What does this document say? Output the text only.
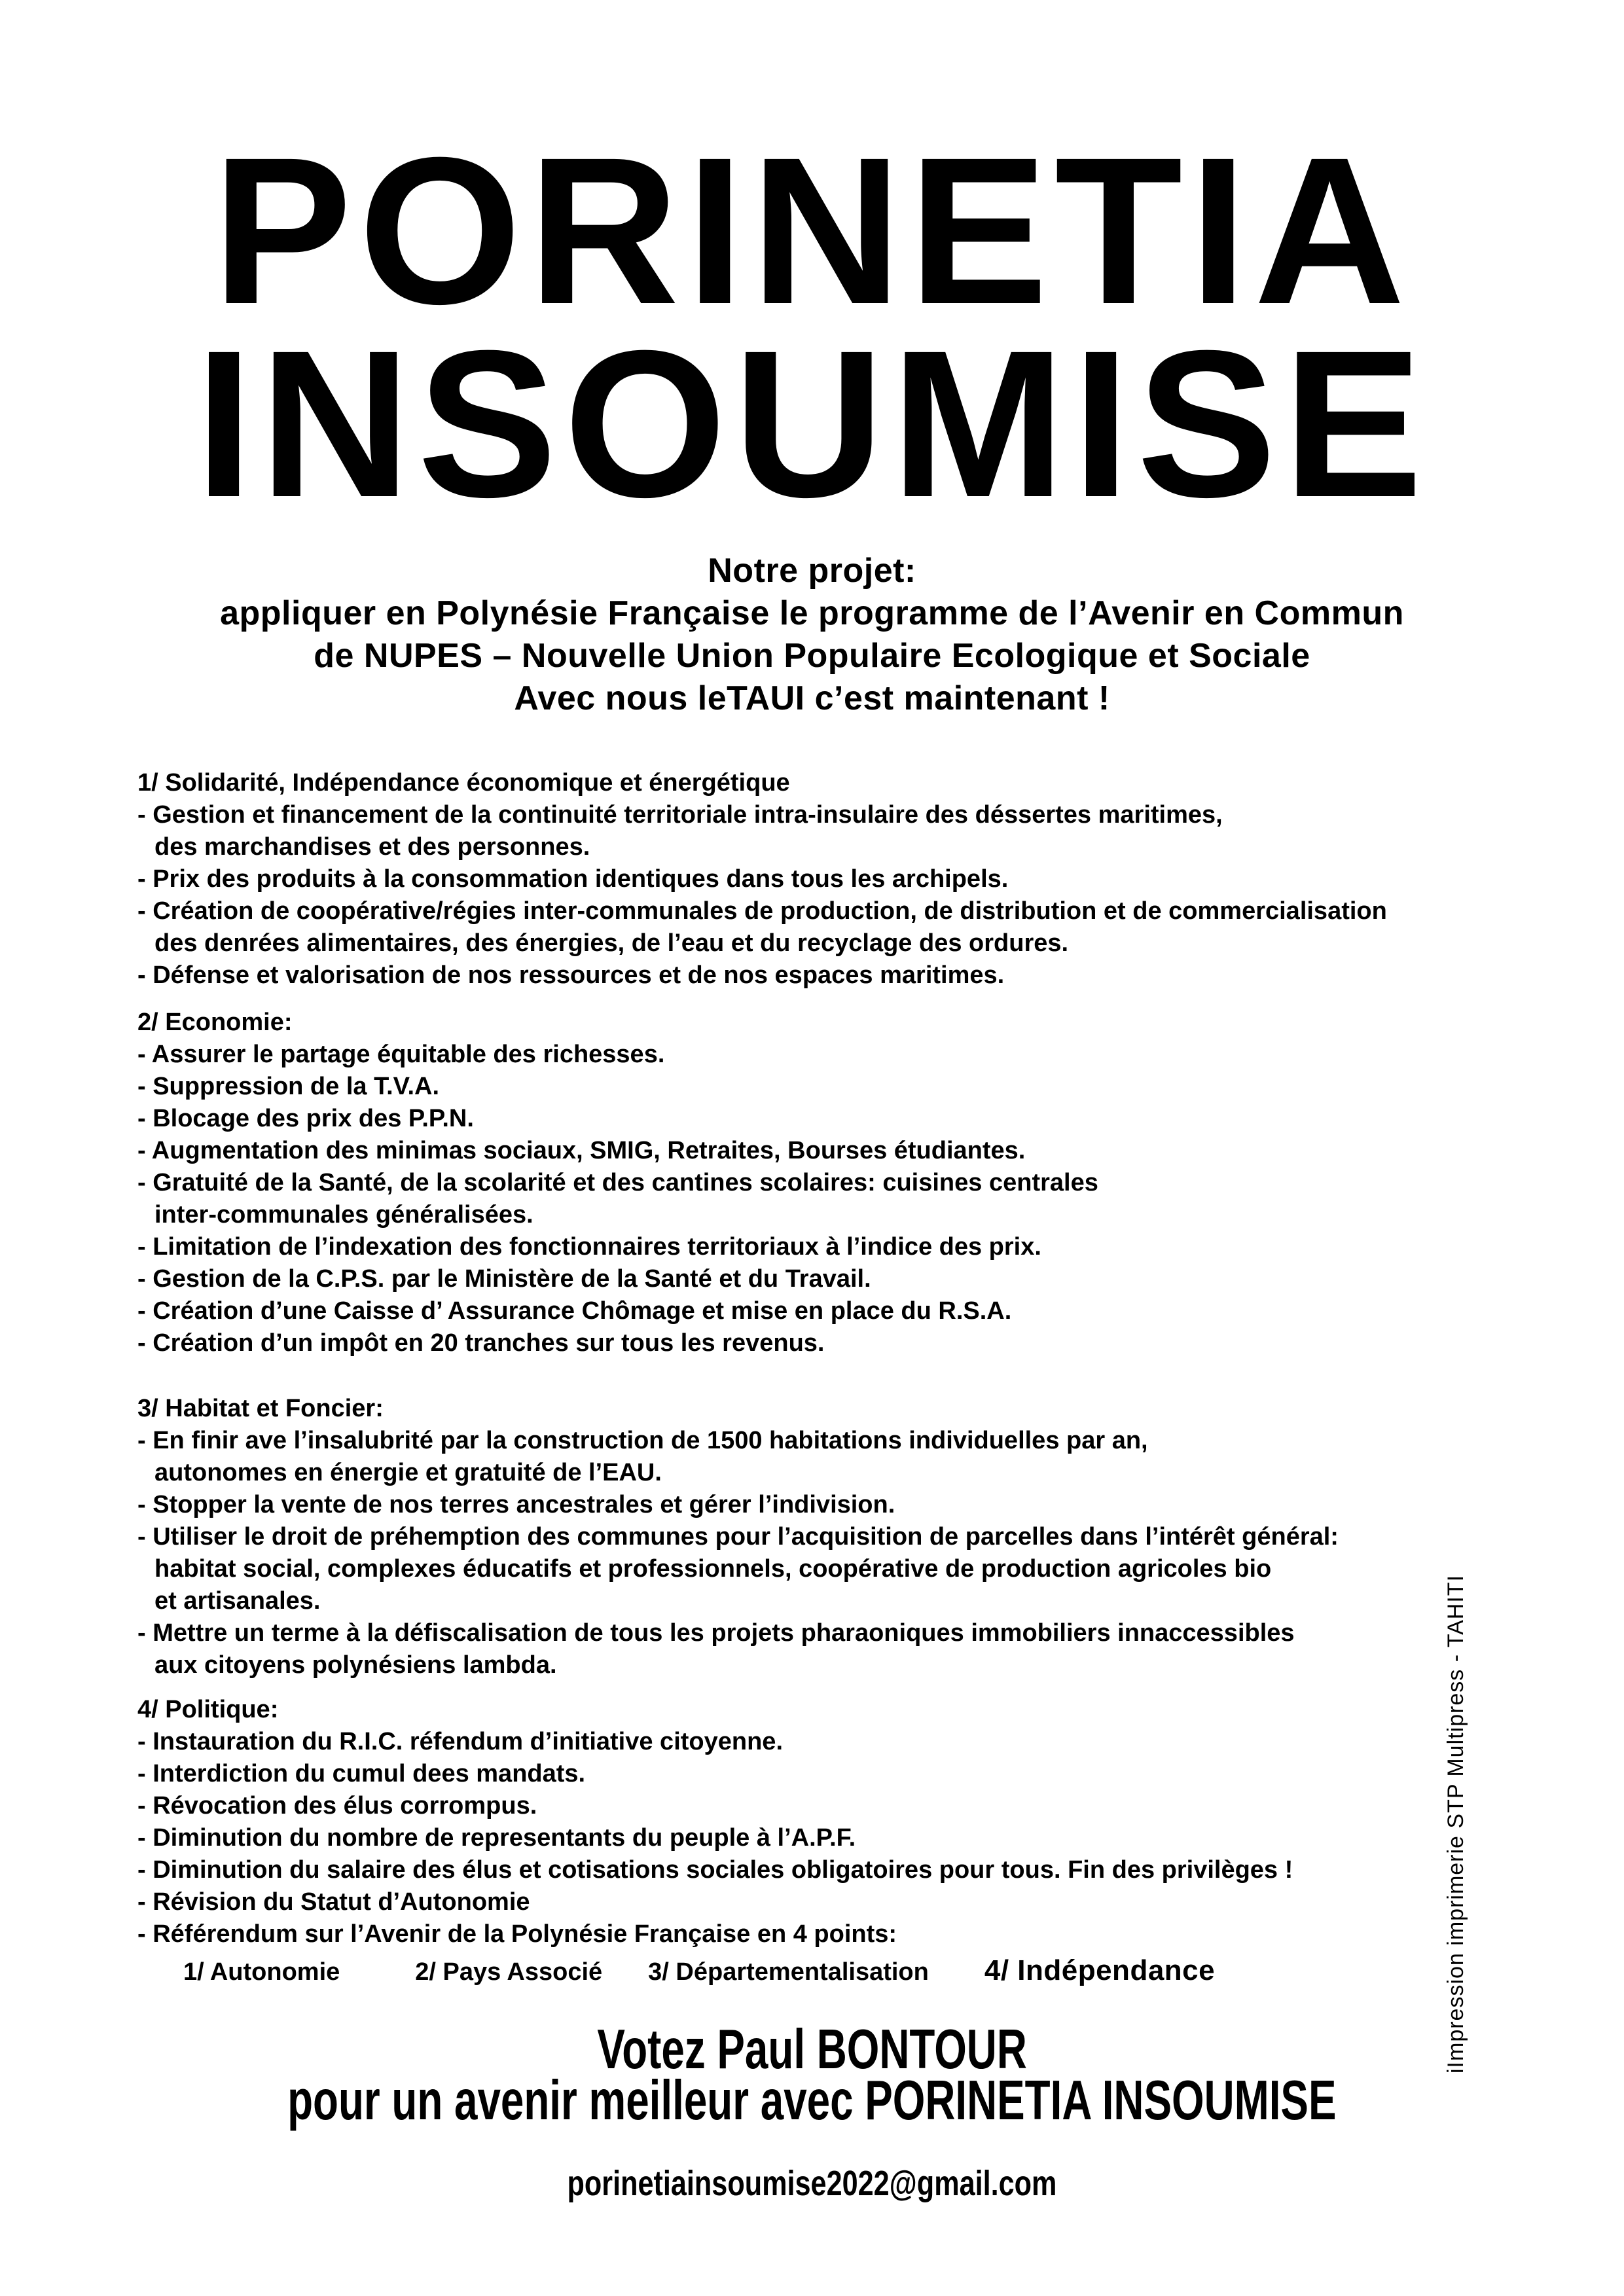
PORINETIA
INSOUMISE
Notre projet:
appliquer en Polynésie Française le programme de l’Avenir en Commun
de NUPES – Nouvelle Union Populaire Ecologique et Sociale
Avec nous leTAUI c’est maintenant !
1/ Solidarité, Indépendance économique et énergétique
- Gestion et financement de la continuité territoriale intra-insulaire des déssertes maritimes,
des marchandises et des personnes.
- Prix des produits à la consommation identiques dans tous les archipels.
- Création de coopérative/régies inter-communales de production, de distribution et de commercialisation
des denrées alimentaires, des énergies, de l’eau et du recyclage des ordures.
- Défense et valorisation de nos ressources et de nos espaces maritimes.
2/ Economie:
- Assurer le partage équitable des richesses.
- Suppression de la T.V.A.
- Blocage des prix des P.P.N.
- Augmentation des minimas sociaux, SMIG, Retraites, Bourses étudiantes.
- Gratuité de la Santé, de la scolarité et des cantines scolaires: cuisines centrales
inter-communales généralisées.
- Limitation de l’indexation des fonctionnaires territoriaux à l’indice des prix.
- Gestion de la C.P.S. par le Ministère de la Santé et du Travail.
- Création d’une Caisse d’ Assurance Chômage et mise en place du R.S.A.
- Création d’un impôt en 20 tranches sur tous les revenus.
3/ Habitat et Foncier:
- En finir ave l’insalubrité par la construction de 1500 habitations individuelles par an,
autonomes en énergie et gratuité de l’EAU.
- Stopper la vente de nos terres ancestrales et gérer l’indivision.
- Utiliser le droit de préhemption des communes pour l’acquisition de parcelles dans l’intérêt général:
habitat social, complexes éducatifs et professionnels, coopérative de production agricoles bio
et artisanales.
- Mettre un terme à la défiscalisation de tous les projets pharaoniques immobiliers innaccessibles
aux citoyens polynésiens lambda.
4/ Politique:
- Instauration du R.I.C. réfendum d’initiative citoyenne.
- Interdiction du cumul dees mandats.
- Révocation des élus corrompus.
- Diminution du nombre de representants du peuple à l’A.P.F.
- Diminution du salaire des élus et cotisations sociales obligatoires pour tous. Fin des privilèges !
- Révision du Statut d’Autonomie
- Référendum sur l’Avenir de la Polynésie Française en 4 points:
1/ Autonomie	2/ Pays Associé 3/ Départementalisation 4/ Indépendance
Votez Paul BONTOUR
pour un avenir meilleur avec PORINETIA INSOUMISE
porinetiainsoumise2022@gmail.com
iImpression imprimerie STP Multipress - TAHITI
